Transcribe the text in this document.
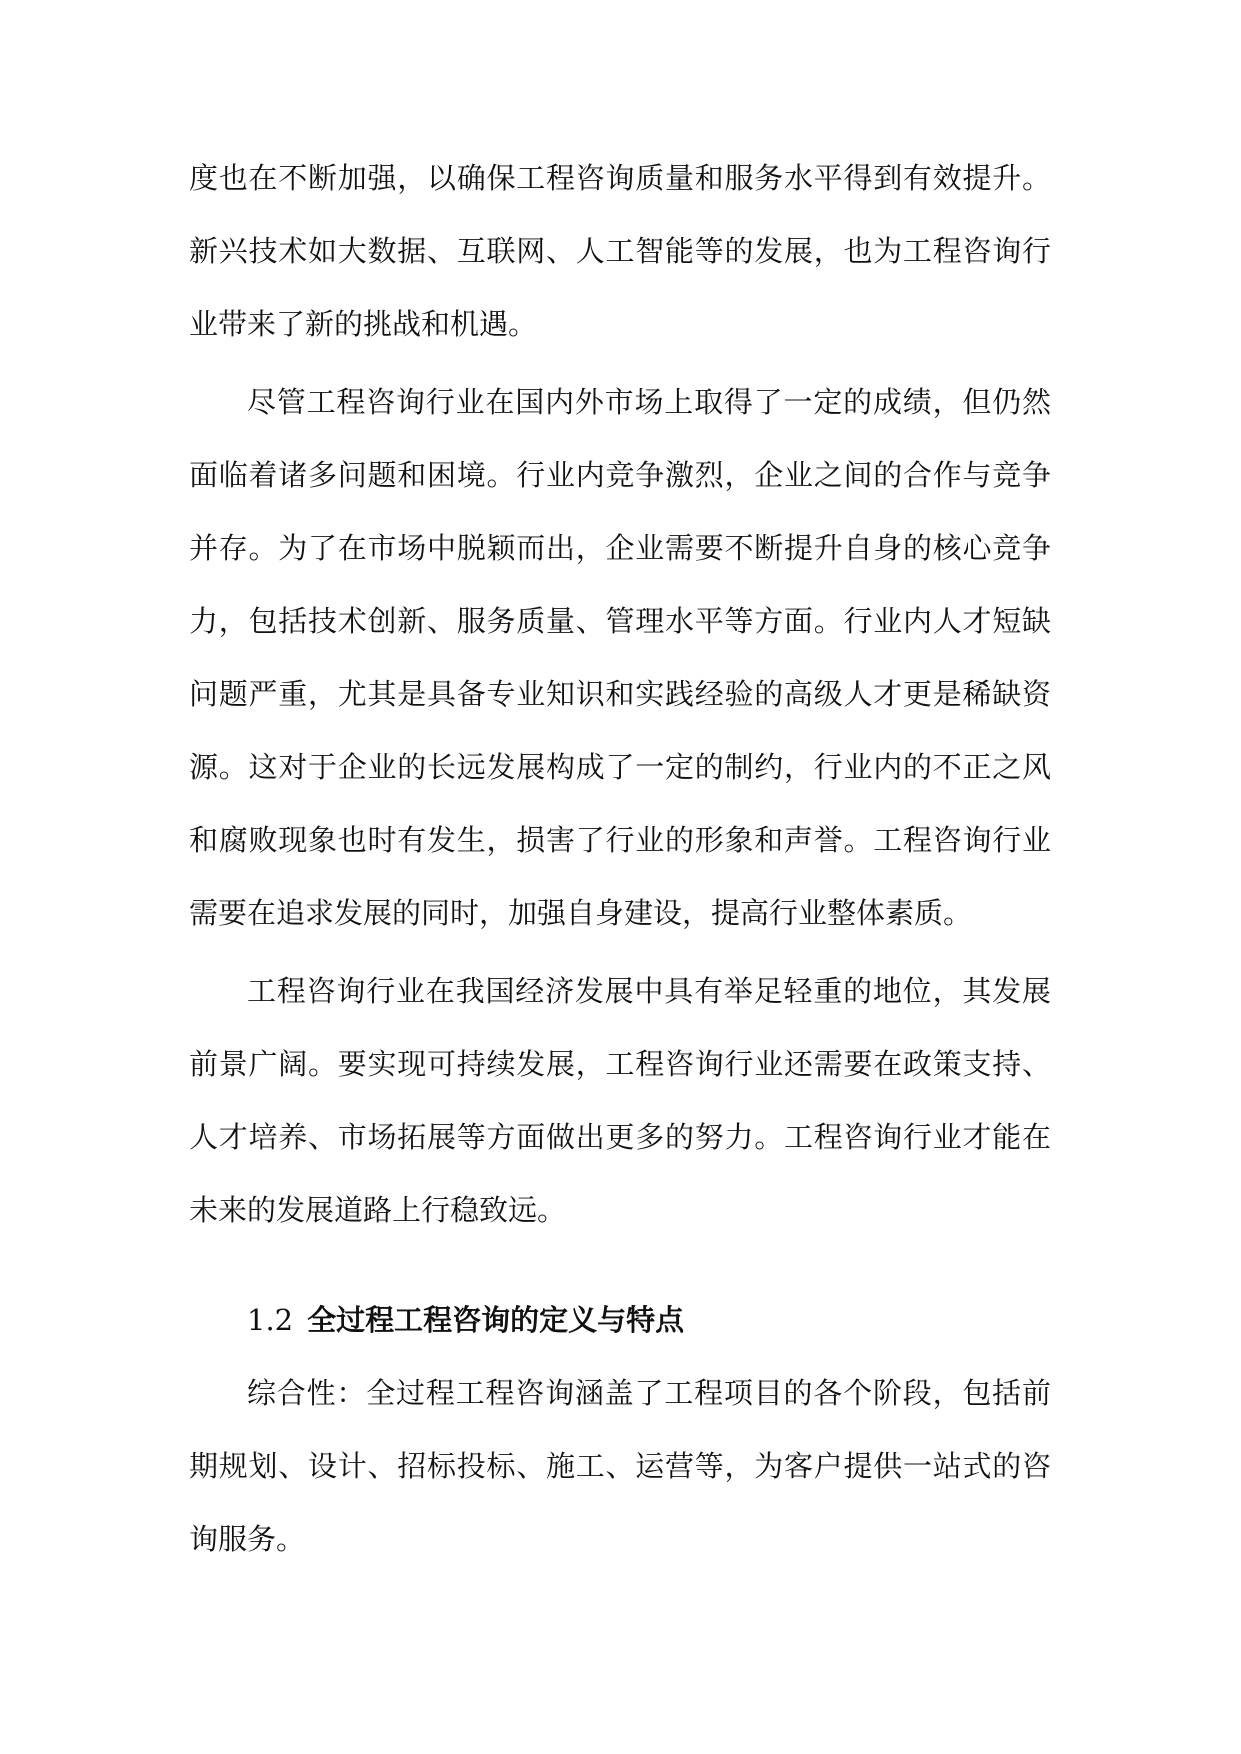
度也在不断加强，以确保工程咨询质量和服务水平得到有效提升。新兴技术如大数据、互联网、人工智能等的发展，也为工程咨询行业带来了新的挑战和机遇。

尽管工程咨询行业在国内外市场上取得了一定的成绩，但仍然面临着诸多问题和困境。行业内竞争激烈，企业之间的合作与竞争并存。为了在市场中脱颖而出，企业需要不断提升自身的核心竞争力，包括技术创新、服务质量、管理水平等方面。行业内人才短缺问题严重，尤其是具备专业知识和实践经验的高级人才更是稀缺资源。这对于企业的长远发展构成了一定的制约，行业内的不正之风和腐败现象也时有发生，损害了行业的形象和声誉。工程咨询行业需要在追求发展的同时，加强自身建设，提高行业整体素质。

工程咨询行业在我国经济发展中具有举足轻重的地位，其发展前景广阔。要实现可持续发展，工程咨询行业还需要在政策支持、人才培养、市场拓展等方面做出更多的努力。工程咨询行业才能在未来的发展道路上行稳致远。

1.2 全过程工程咨询的定义与特点

综合性：全过程工程咨询涵盖了工程项目的各个阶段，包括前期规划、设计、招标投标、施工、运营等，为客户提供一站式的咨询服务。
